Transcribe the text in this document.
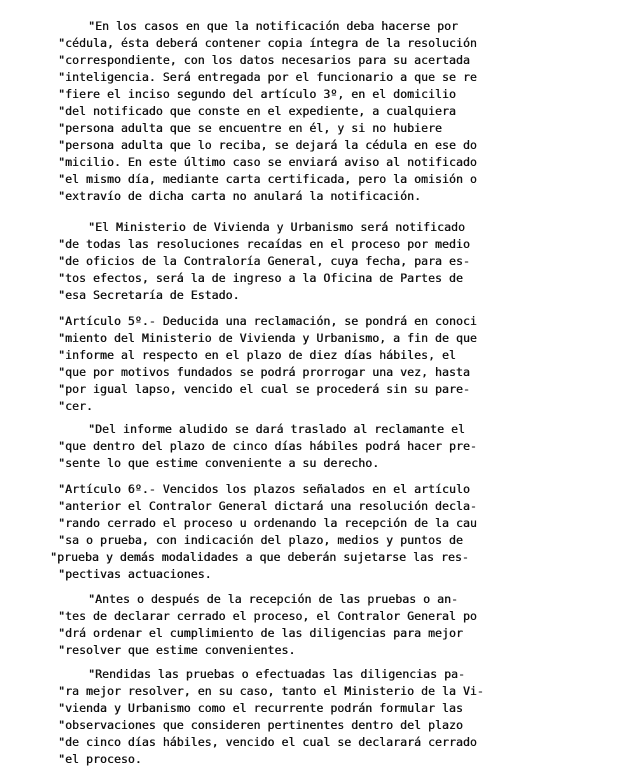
"En los casos en que la notificación deba hacerse por
"cédula, ésta deberá contener copia íntegra de la resolución
"correspondiente, con los datos necesarios para su acertada
"inteligencia. Será entregada por el funcionario a que se re
"fiere el inciso segundo del artículo 3º, en el domicilio
"del notificado que conste en el expediente, a cualquiera
"persona adulta que se encuentre en él, y si no hubiere
"persona adulta que lo reciba, se dejará la cédula en ese do
"micilio. En este último caso se enviará aviso al notificado
"el mismo día, mediante carta certificada, pero la omisión o
"extravío de dicha carta no anulará la notificación.
"El Ministerio de Vivienda y Urbanismo será notificado
"de todas las resoluciones recaídas en el proceso por medio
"de oficios de la Contraloría General, cuya fecha, para es-
"tos efectos, será la de ingreso a la Oficina de Partes de
"esa Secretaría de Estado.
"Artículo 5º.- Deducida una reclamación, se pondrá en conoci
"miento del Ministerio de Vivienda y Urbanismo, a fin de que
"informe al respecto en el plazo de diez días hábiles, el
"que por motivos fundados se podrá prorrogar una vez, hasta
"por igual lapso, vencido el cual se procederá sin su pare-
"cer.
"Del informe aludido se dará traslado al reclamante el
"que dentro del plazo de cinco días hábiles podrá hacer pre-
"sente lo que estime conveniente a su derecho.
"Artículo 6º.- Vencidos los plazos señalados en el artículo
"anterior el Contralor General dictará una resolución decla-
"rando cerrado el proceso u ordenando la recepción de la cau
"sa o prueba, con indicación del plazo, medios y puntos de
"prueba y demás modalidades a que deberán sujetarse las res-
"pectivas actuaciones.
"Antes o después de la recepción de las pruebas o an-
"tes de declarar cerrado el proceso, el Contralor General po
"drá ordenar el cumplimiento de las diligencias para mejor
"resolver que estime convenientes.
"Rendidas las pruebas o efectuadas las diligencias pa-
"ra mejor resolver, en su caso, tanto el Ministerio de la Vi-
"vienda y Urbanismo como el recurrente podrán formular las
"observaciones que consideren pertinentes dentro del plazo
"de cinco días hábiles, vencido el cual se declarará cerrado
"el proceso.
